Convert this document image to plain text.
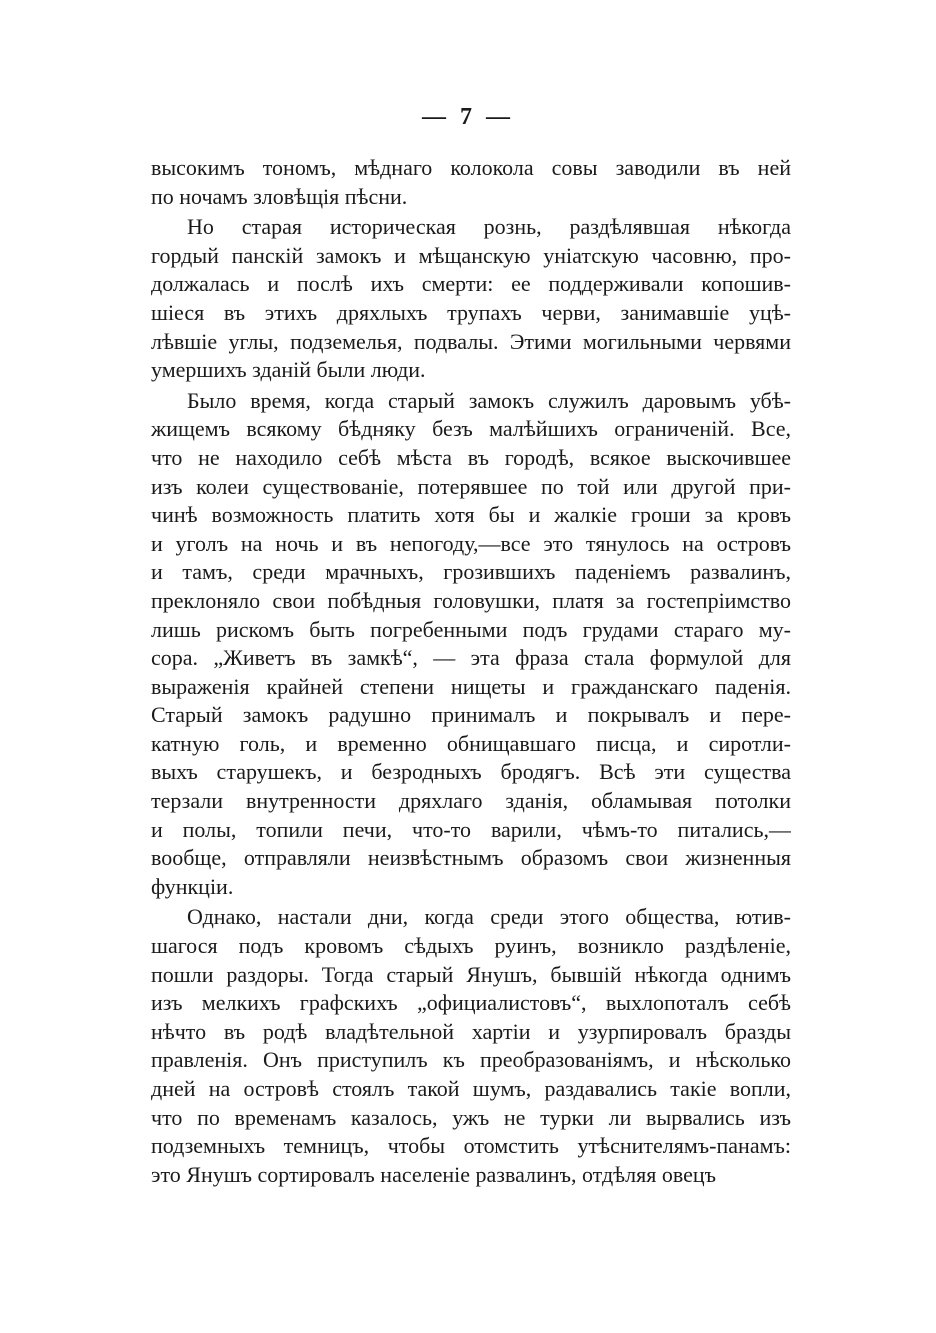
— 7 —
высокимъ тономъ, мѣднаго колокола совы заводили въ ней
по ночамъ зловѣщія пѣсни.
Но старая историческая рознь, раздѣлявшая нѣкогда
гордый панскій замокъ и мѣщанскую уніатскую часовню, про-
должалась и послѣ ихъ смерти: ее поддерживали копошив-
шіеся въ этихъ дряхлыхъ трупахъ черви, занимавшіе уцѣ-
лѣвшіе углы, подземелья, подвалы. Этими могильными червями
умершихъ зданій были люди.
Было время, когда старый замокъ служилъ даровымъ убѣ-
жищемъ всякому бѣдняку безъ малѣйшихъ ограниченій. Все,
что не находило себѣ мѣста въ городѣ, всякое выскочившее
изъ колеи существованіе, потерявшее по той или другой при-
чинѣ возможность платить хотя бы и жалкіе гроши за кровъ
и уголъ на ночь и въ непогоду,—все это тянулось на островъ
и тамъ, среди мрачныхъ, грозившихъ паденіемъ развалинъ,
преклоняло свои побѣдныя головушки, платя за гостепріимство
лишь рискомъ быть погребенными подъ грудами стараго му-
сора. „Живетъ въ замкѣ“, — эта фраза стала формулой для
выраженія крайней степени нищеты и гражданскаго паденія.
Старый замокъ радушно принималъ и покрывалъ и пере-
катную голь, и временно обнищавшаго писца, и сиротли-
выхъ старушекъ, и безродныхъ бродягъ. Всѣ эти существа
терзали внутренности дряхлаго зданія, обламывая потолки
и полы, топили печи, что-то варили, чѣмъ-то питались,—
вообще, отправляли неизвѣстнымъ образомъ свои жизненныя
функціи.
Однако, настали дни, когда среди этого общества, ютив-
шагося подъ кровомъ сѣдыхъ руинъ, возникло раздѣленіе,
пошли раздоры. Тогда старый Янушъ, бывшій нѣкогда однимъ
изъ мелкихъ графскихъ „официалистовъ“, выхлопоталъ себѣ
нѣчто въ родѣ владѣтельной хартіи и узурпировалъ бразды
правленія. Онъ приступилъ къ преобразованіямъ, и нѣсколько
дней на островѣ стоялъ такой шумъ, раздавались такіе вопли,
что по временамъ казалось, ужъ не турки ли вырвались изъ
подземныхъ темницъ, чтобы отомстить утѣснителямъ-панамъ:
это Янушъ сортировалъ населеніе развалинъ, отдѣляя овецъ
